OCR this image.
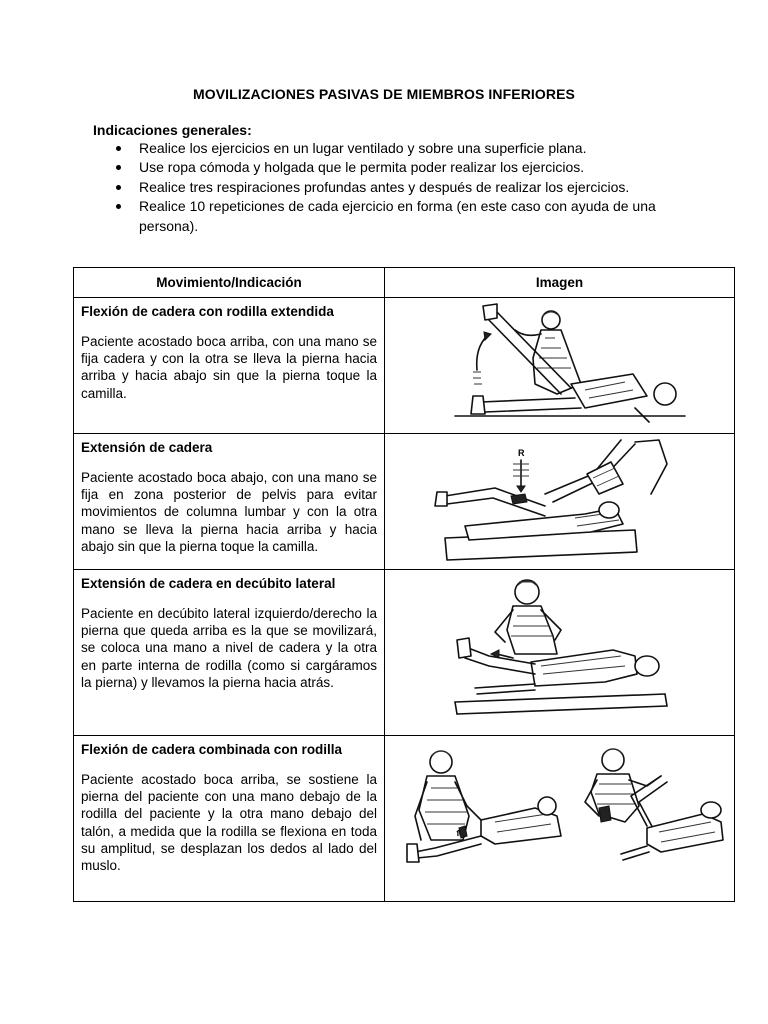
MOVILIZACIONES PASIVAS DE MIEMBROS INFERIORES
Indicaciones generales:
Realice los ejercicios en un lugar ventilado y sobre una superficie plana.
Use ropa cómoda y holgada que le permita poder realizar los ejercicios.
Realice tres respiraciones profundas antes y después de realizar los ejercicios.
Realice 10 repeticiones de cada ejercicio en forma (en este caso con ayuda de una persona).
Movimiento/Indicación	Imagen

Flexión de cadera con rodilla extendida
Paciente acostado boca arriba, con una mano se fija cadera y con la otra se lleva la pierna hacia arriba y hacia abajo sin que la pierna toque la camilla.

Extensión de cadera
Paciente acostado boca abajo, con una mano se fija en zona posterior de pelvis para evitar movimientos de columna lumbar y con la otra mano se lleva la pierna hacia arriba y hacia abajo sin que la pierna toque la camilla.	R

Extensión de cadera en decúbito lateral
Paciente en decúbito lateral izquierdo/derecho la pierna que queda arriba es la que se movilizará, se coloca una mano a nivel de cadera y la otra en parte interna de rodilla (como si cargáramos la pierna) y llevamos la pierna hacia atrás.

Flexión de cadera combinada con rodilla
Paciente acostado boca arriba, se sostiene la pierna del paciente con una mano debajo de la rodilla del paciente y la otra mano debajo del talón, a medida que la rodilla se flexiona en toda su amplitud, se desplazan los dedos al lado del muslo.	⇑
